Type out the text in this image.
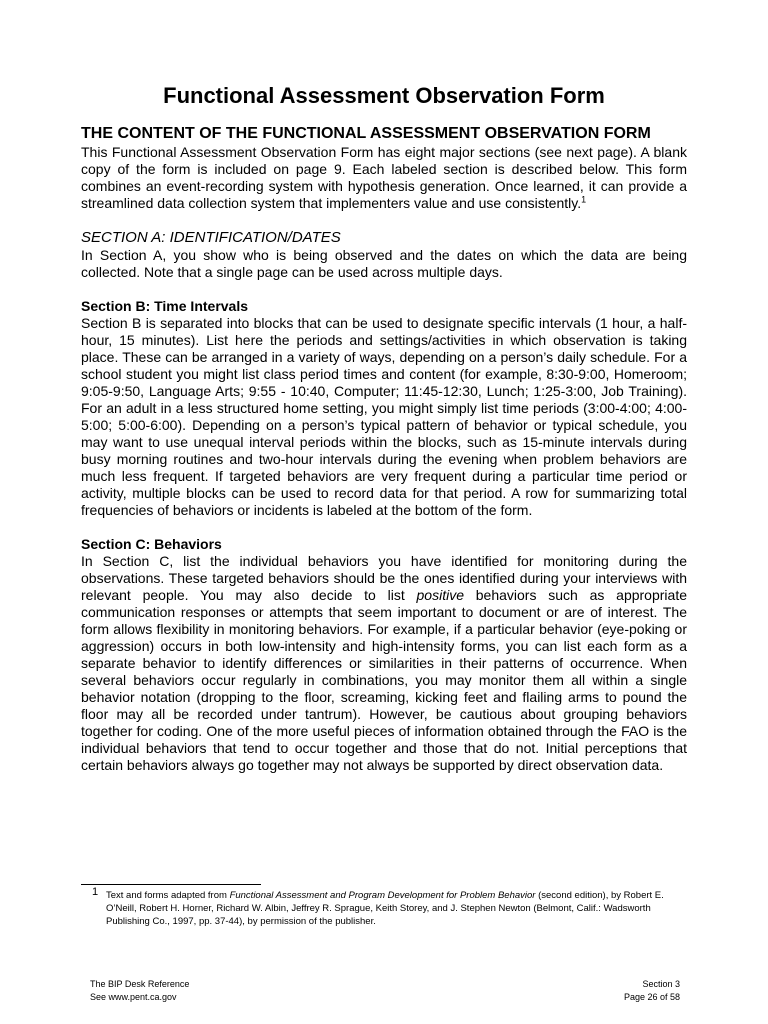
Functional Assessment Observation Form
THE CONTENT OF THE FUNCTIONAL ASSESSMENT OBSERVATION FORM

This Functional Assessment Observation Form has eight major sections (see next page). A blank copy of the form is included on page 9. Each labeled section is described below. This form combines an event-recording system with hypothesis generation. Once learned, it can provide a streamlined data collection system that implementers value and use consistently.$^1$

SECTION A: IDENTIFICATION/DATES

In Section A, you show who is being observed and the dates on which the data are being collected. Note that a single page can be used across multiple days.

Section B: Time Intervals

Section B is separated into blocks that can be used to designate specific intervals (1 hour, a half-hour, 15 minutes). List here the periods and settings/activities in which observation is taking place. These can be arranged in a variety of ways, depending on a person’s daily schedule. For a school student you might list class period times and content (for example, 8:30-9:00, Homeroom; 9:05-9:50, Language Arts; 9:55 - 10:40, Computer; 11:45-12:30, Lunch; 1:25-3:00, Job Training). For an adult in a less structured home setting, you might simply list time periods (3:00-4:00; 4:00-5:00; 5:00-6:00). Depending on a person’s typical pattern of behavior or typical schedule, you may want to use unequal interval periods within the blocks, such as 15-minute intervals during busy morning routines and two-hour intervals during the evening when problem behaviors are much less frequent. If targeted behaviors are very frequent during a particular time period or activity, multiple blocks can be used to record data for that period. A row for summarizing total frequencies of behaviors or incidents is labeled at the bottom of the form.

Section C: Behaviors

In Section C, list the individual behaviors you have identified for monitoring during the observations. These targeted behaviors should be the ones identified during your interviews with relevant people. You may also decide to list positive behaviors such as appropriate communication responses or attempts that seem important to document or are of interest. The form allows flexibility in monitoring behaviors. For example, if a particular behavior (eye-poking or aggression) occurs in both low-intensity and high-intensity forms, you can list each form as a separate behavior to identify differences or similarities in their patterns of occurrence. When several behaviors occur regularly in combinations, you may monitor them all within a single behavior notation (dropping to the floor, screaming, kicking feet and flailing arms to pound the floor may all be recorded under tantrum). However, be cautious about grouping behaviors together for coding. One of the more useful pieces of information obtained through the FAO is the individual behaviors that tend to occur together and those that do not. Initial perceptions that certain behaviors always go together may not always be supported by direct observation data.

1 Text and forms adapted from Functional Assessment and Program Development for Problem Behavior (second edition), by Robert E. O’Neill, Robert H. Horner, Richard W. Albin, Jeffrey R. Sprague, Keith Storey, and J. Stephen Newton (Belmont, Calif.: Wadsworth Publishing Co., 1997, pp. 37-44), by permission of the publisher.
The BIP Desk Reference
See www.pent.ca.gov
Section 3
Page 26 of 58
